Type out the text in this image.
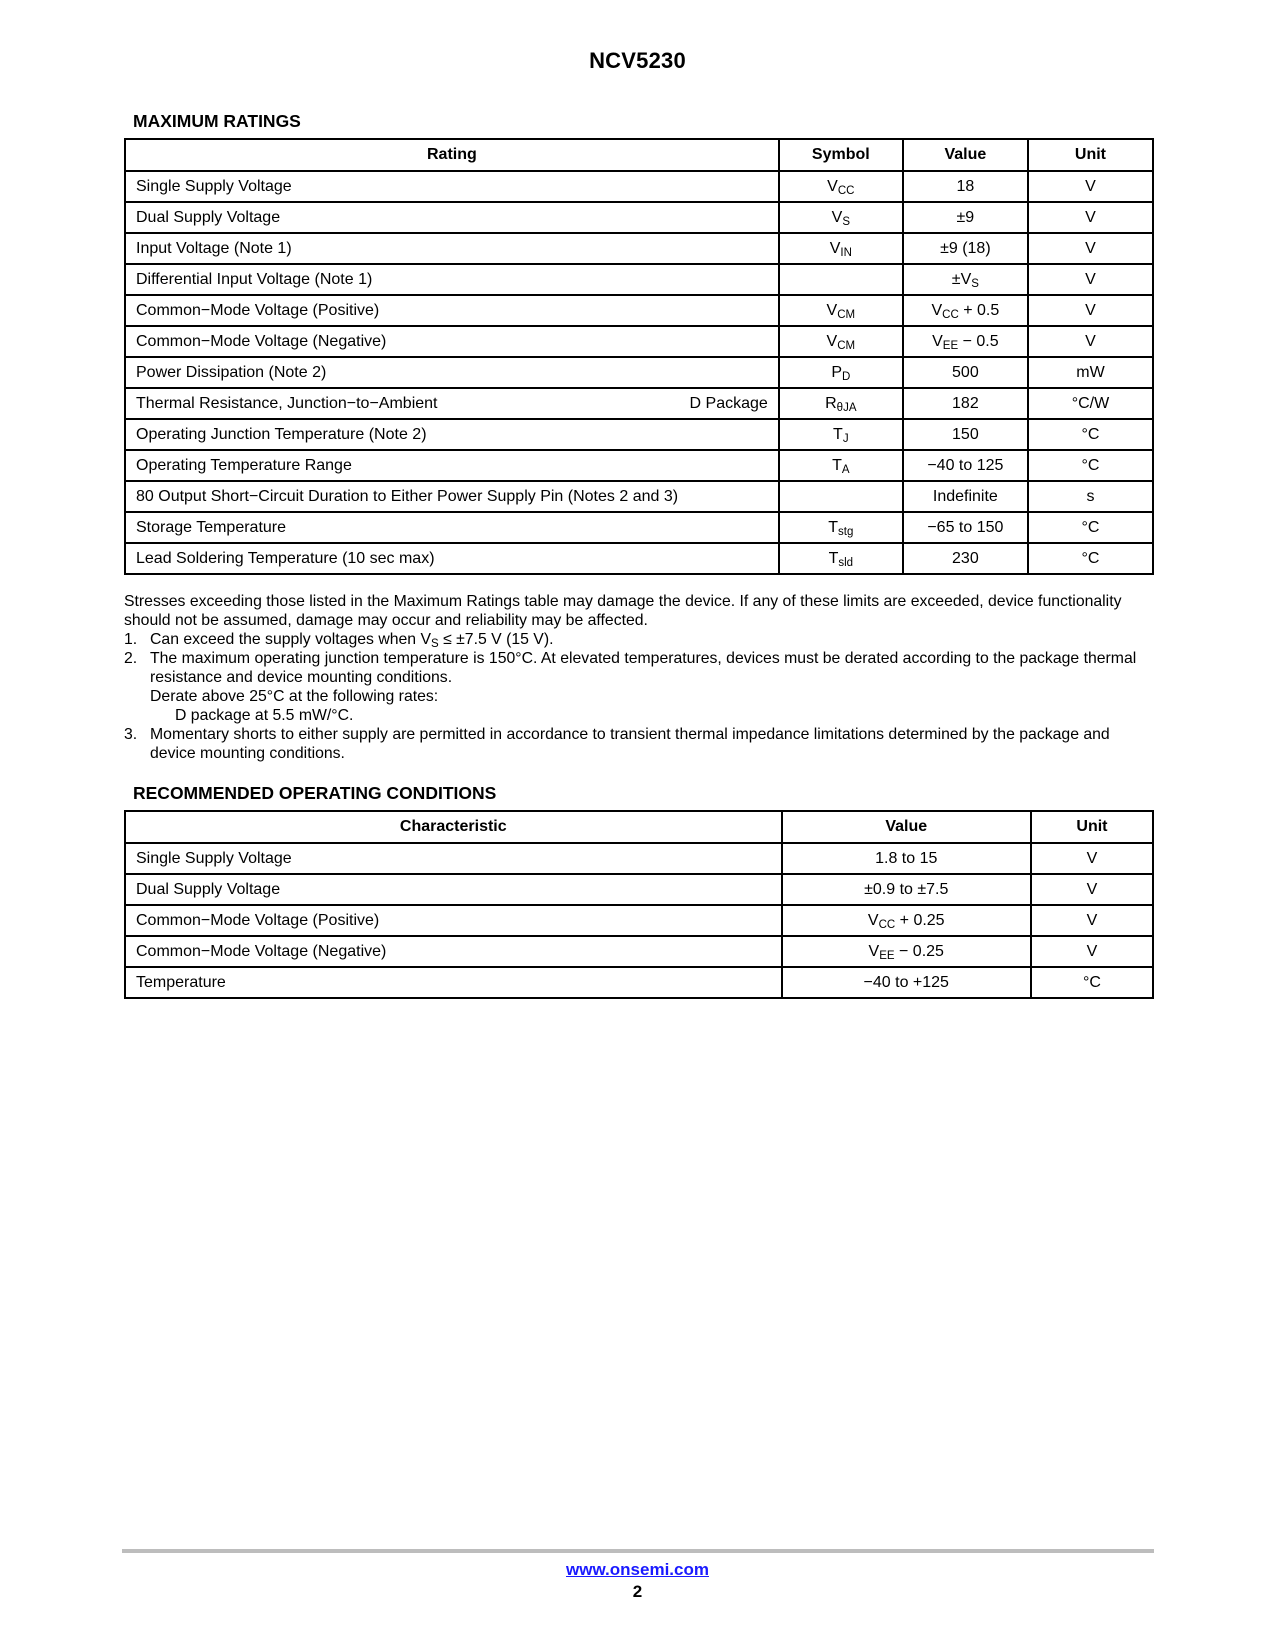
NCV5230
MAXIMUM RATINGS
Rating	Symbol	Value	Unit
Single Supply Voltage	$V_{CC}$	18	V
Dual Supply Voltage	$V_S$	±9	V
Input Voltage (Note 1)	$V_{IN}$	±9 (18)	V
Differential Input Voltage (Note 1)		$\pm V_S$	V
Common−Mode Voltage (Positive)	$V_{CM}$	$V_{CC} + 0.5$	V
Common−Mode Voltage (Negative)	$V_{CM}$	$V_{EE} - 0.5$	V
Power Dissipation (Note 2)	$P_D$	500	mW
Thermal Resistance, Junction−to−Ambient D Package	$R_{\theta JA}$	182	°C/W
Operating Junction Temperature (Note 2)	$T_J$	150	°C
Operating Temperature Range	$T_A$	−40 to 125	°C
80 Output Short−Circuit Duration to Either Power Supply Pin (Notes 2 and 3)		Indefinite	s
Storage Temperature	$T_{stg}$	−65 to 150	°C
Lead Soldering Temperature (10 sec max)	$T_{sld}$	230	°C

Stresses exceeding those listed in the Maximum Ratings table may damage the device. If any of these limits are exceeded, device functionality should not be assumed, damage may occur and reliability may be affected.

1. Can exceed the supply voltages when $V_S \le \pm 7.5$ V (15 V).

2. The maximum operating junction temperature is 150°C. At elevated temperatures, devices must be derated according to the package thermal resistance and device mounting conditions.

Derate above 25°C at the following rates:

D package at 5.5 mW/°C.

3. Momentary shorts to either supply are permitted in accordance to transient thermal impedance limitations determined by the package and device mounting conditions.

RECOMMENDED OPERATING CONDITIONS
Characteristic	Value	Unit
Single Supply Voltage	1.8 to 15	V
Dual Supply Voltage	±0.9 to ±7.5	V
Common−Mode Voltage (Positive)	$V_{CC} + 0.25$	V
Common−Mode Voltage (Negative)	$V_{EE} - 0.25$	V
Temperature	−40 to +125	°C
www.onsemi.com
2
